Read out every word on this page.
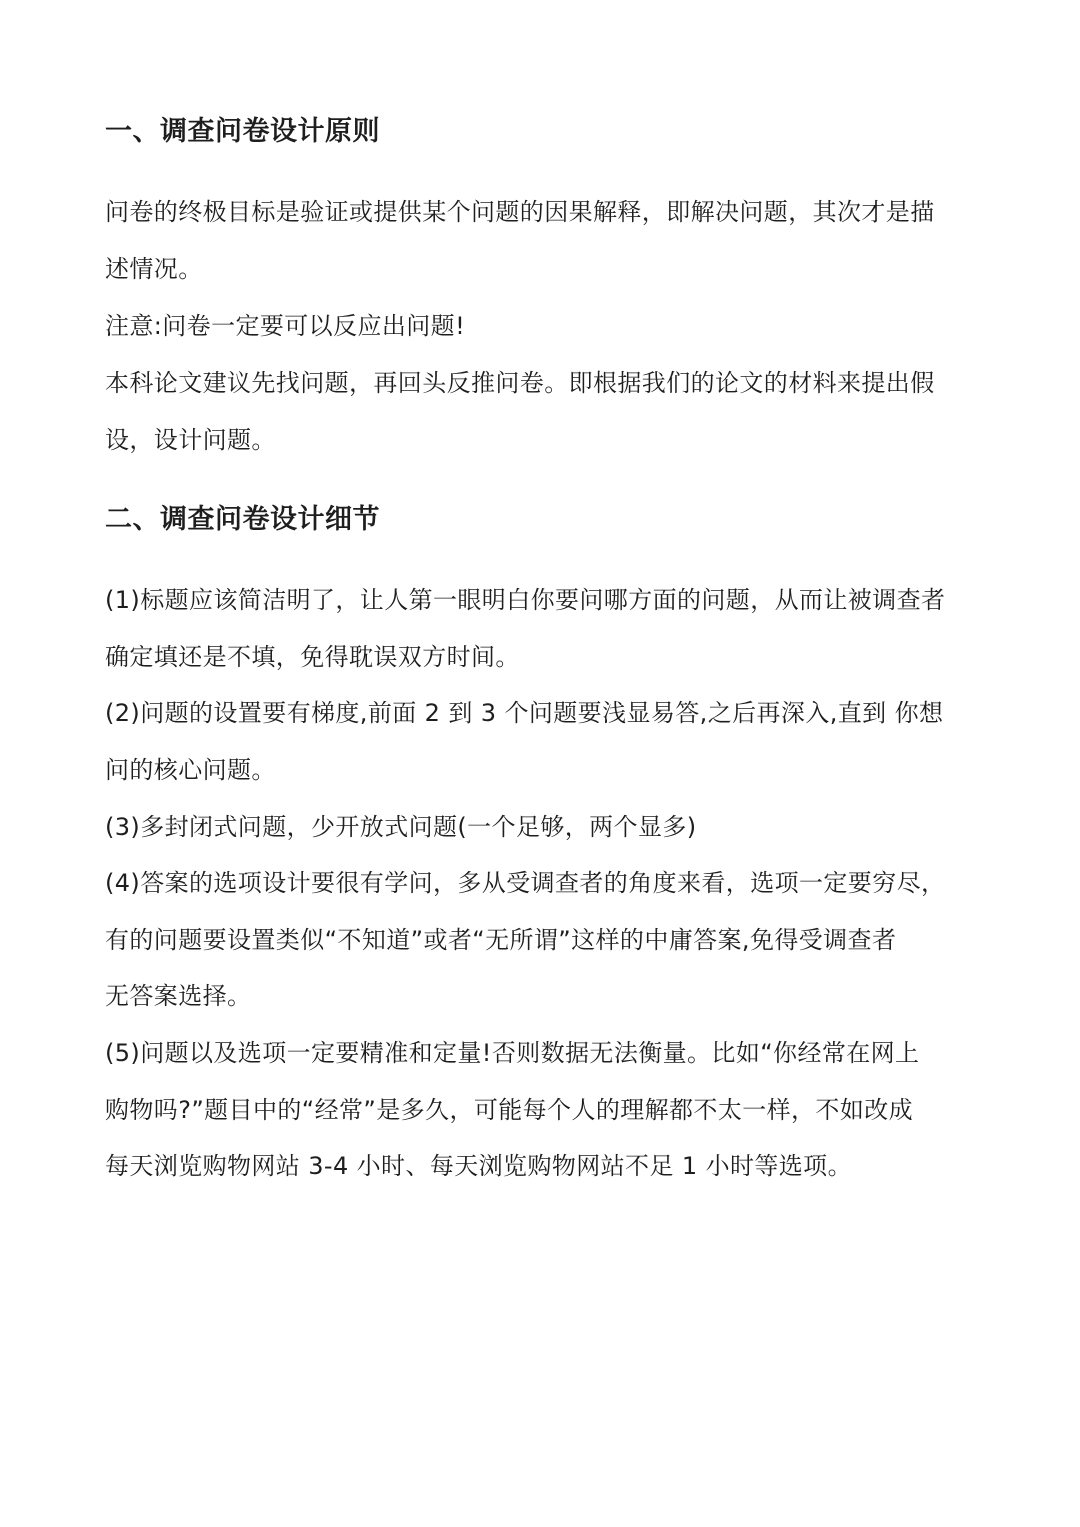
一、调查问卷设计原则

问卷的终极目标是验证或提供某个问题的因果解释，即解决问题，其次才是描

述情况。

注意:问卷一定要可以反应出问题!

本科论文建议先找问题，再回头反推问卷。即根据我们的论文的材料来提出假

设，设计问题。

二、调查问卷设计细节

(1)标题应该简洁明了，让人第一眼明白你要问哪方面的问题，从而让被调查者

确定填还是不填，免得耽误双方时间。

(2)问题的设置要有梯度,前面 2 到 3 个问题要浅显易答,之后再深入,直到 你想

问的核心问题。

(3)多封闭式问题，少开放式问题(一个足够，两个显多)

(4)答案的选项设计要很有学问，多从受调查者的角度来看，选项一定要穷尽，

有的问题要设置类似“不知道”或者“无所谓”这样的中庸答案,免得受调查者

无答案选择。

(5)问题以及选项一定要精准和定量!否则数据无法衡量。比如“你经常在网上

购物吗?”题目中的“经常”是多久，可能每个人的理解都不太一样，不如改成

每天浏览购物网站 3-4 小时、每天浏览购物网站不足 1 小时等选项。
